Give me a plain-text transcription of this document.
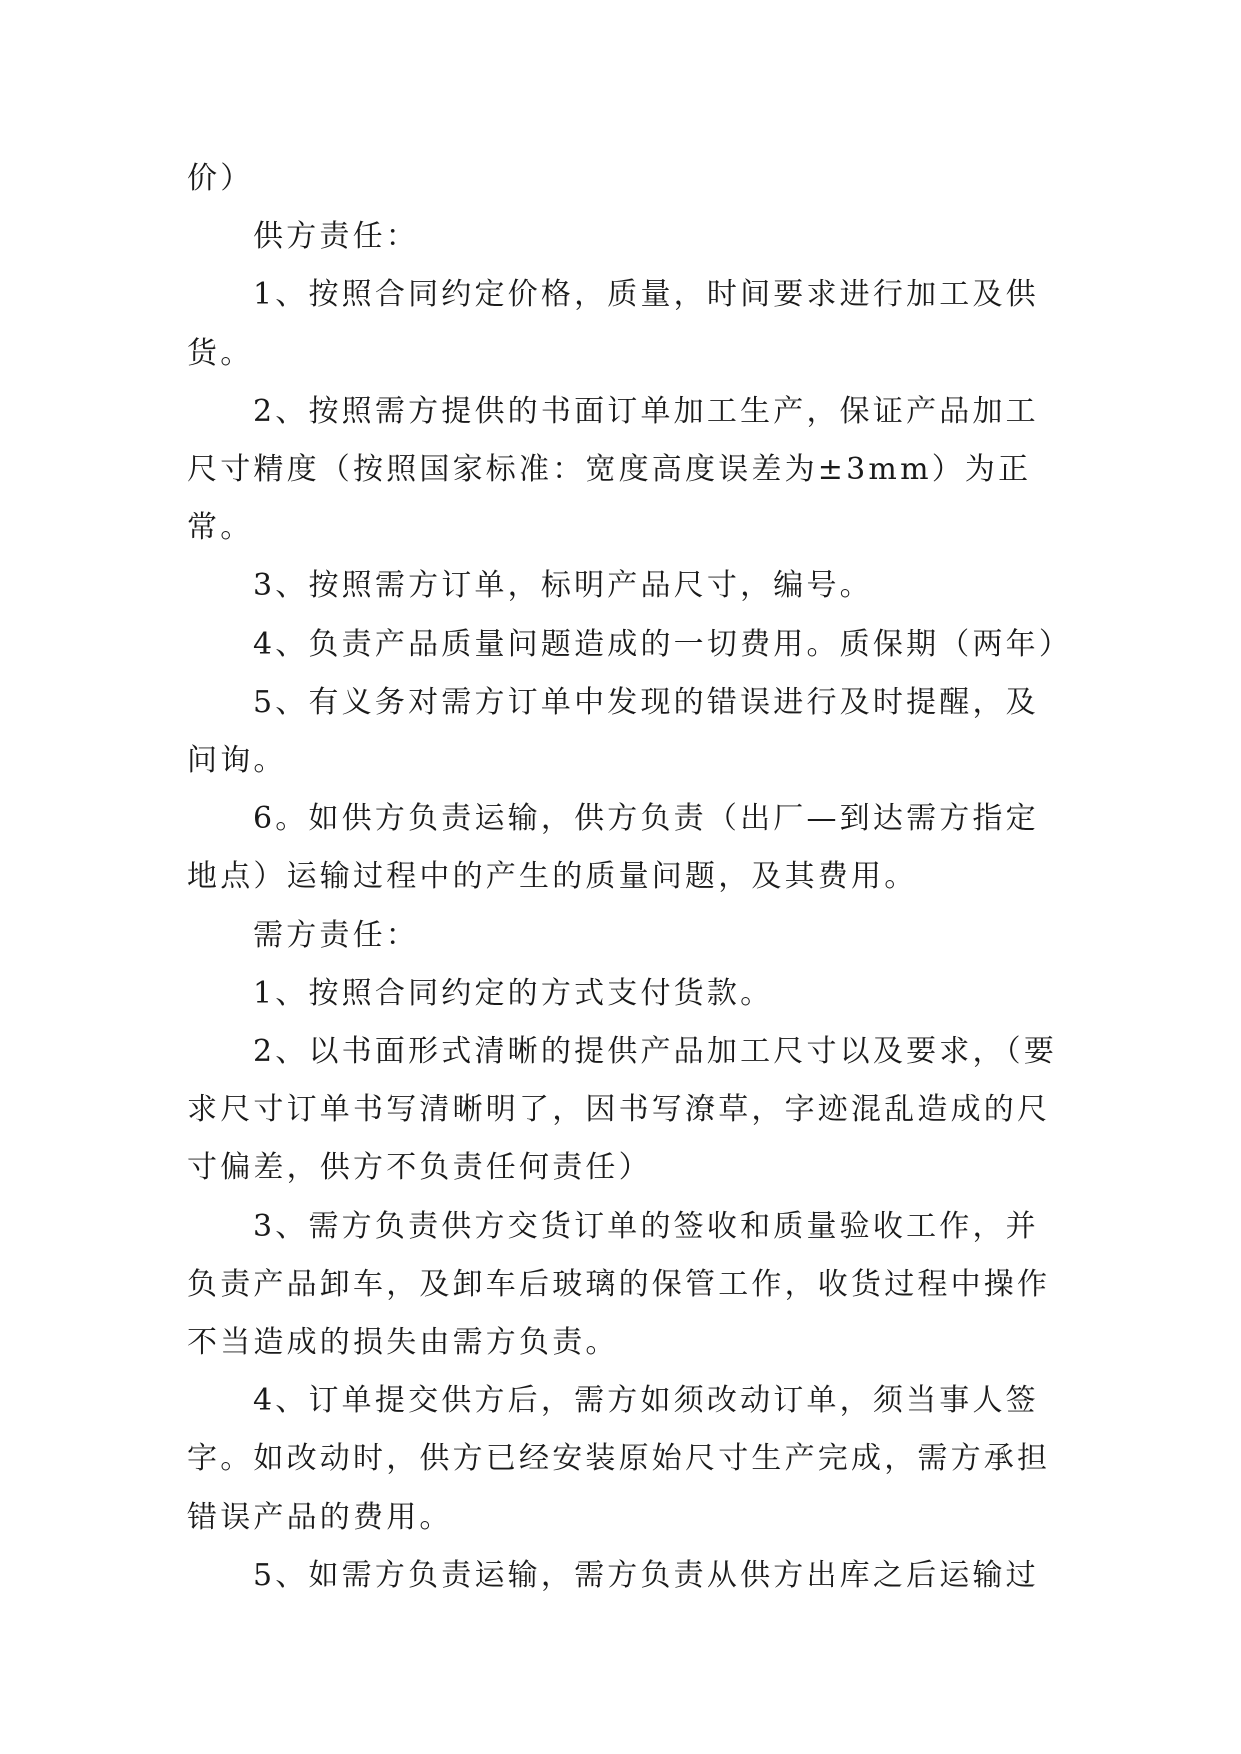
价）

供方责任：

1、按照合同约定价格，质量，时间要求进行加工及供货。

2、按照需方提供的书面订单加工生产，保证产品加工尺寸精度（按照国家标准：宽度高度误差为±3mm）为正常。

3、按照需方订单，标明产品尺寸，编号。

4、负责产品质量问题造成的一切费用。质保期（两年）

5、有义务对需方订单中发现的错误进行及时提醒，及问询。

6。如供方负责运输，供方负责（出厂—到达需方指定地点）运输过程中的产生的质量问题，及其费用。

需方责任：

1、按照合同约定的方式支付货款。

2、以书面形式清晰的提供产品加工尺寸以及要求，（要求尺寸订单书写清晰明了，因书写潦草，字迹混乱造成的尺寸偏差，供方不负责任何责任）

3、需方负责供方交货订单的签收和质量验收工作，并负责产品卸车，及卸车后玻璃的保管工作，收货过程中操作不当造成的损失由需方负责。

4、订单提交供方后，需方如须改动订单，须当事人签字。如改动时，供方已经安装原始尺寸生产完成，需方承担错误产品的费用。

5、如需方负责运输，需方负责从供方出库之后运输过
